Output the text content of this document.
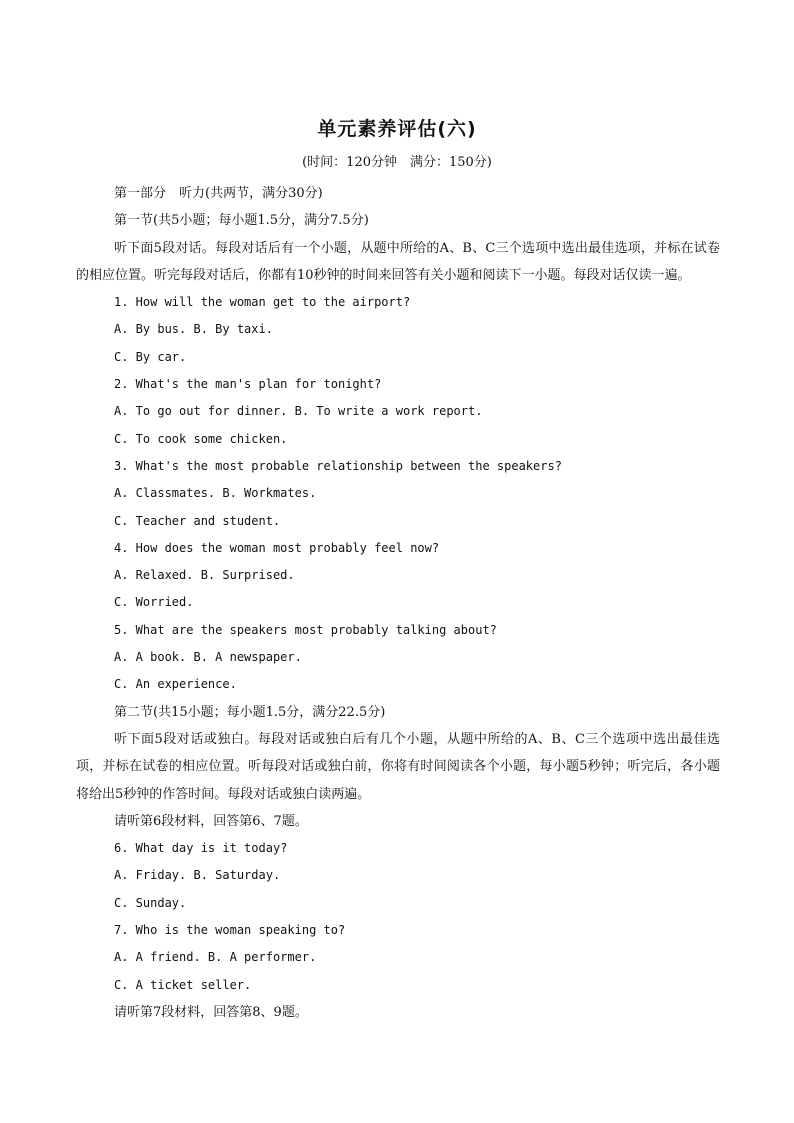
单元素养评估(六)
(时间：120分钟　满分：150分)
第一部分　听力(共两节，满分30分)
第一节(共5小题；每小题1.5分，满分7.5分)
听下面5段对话。每段对话后有一个小题，从题中所给的A、B、C三个选项中选出最佳选项，并标在试卷的相应位置。听完每段对话后，你都有10秒钟的时间来回答有关小题和阅读下一小题。每段对话仅读一遍。
1. How will the woman get to the airport?
A. By bus. B. By taxi.
C. By car.
2. What's the man's plan for tonight?
A. To go out for dinner. B. To write a work report.
C. To cook some chicken.
3. What's the most probable relationship between the speakers?
A. Classmates. B. Workmates.
C. Teacher and student.
4. How does the woman most probably feel now?
A. Relaxed. B. Surprised.
C. Worried.
5. What are the speakers most probably talking about?
A. A book. B. A newspaper.
C. An experience.
第二节(共15小题；每小题1.5分，满分22.5分)
听下面5段对话或独白。每段对话或独白后有几个小题，从题中所给的A、B、C三个选项中选出最佳选项，并标在试卷的相应位置。听每段对话或独白前，你将有时间阅读各个小题，每小题5秒钟；听完后，各小题将给出5秒钟的作答时间。每段对话或独白读两遍。
请听第6段材料，回答第6、7题。
6. What day is it today?
A. Friday. B. Saturday.
C. Sunday.
7. Who is the woman speaking to?
A. A friend. B. A performer.
C. A ticket seller.
请听第7段材料，回答第8、9题。
